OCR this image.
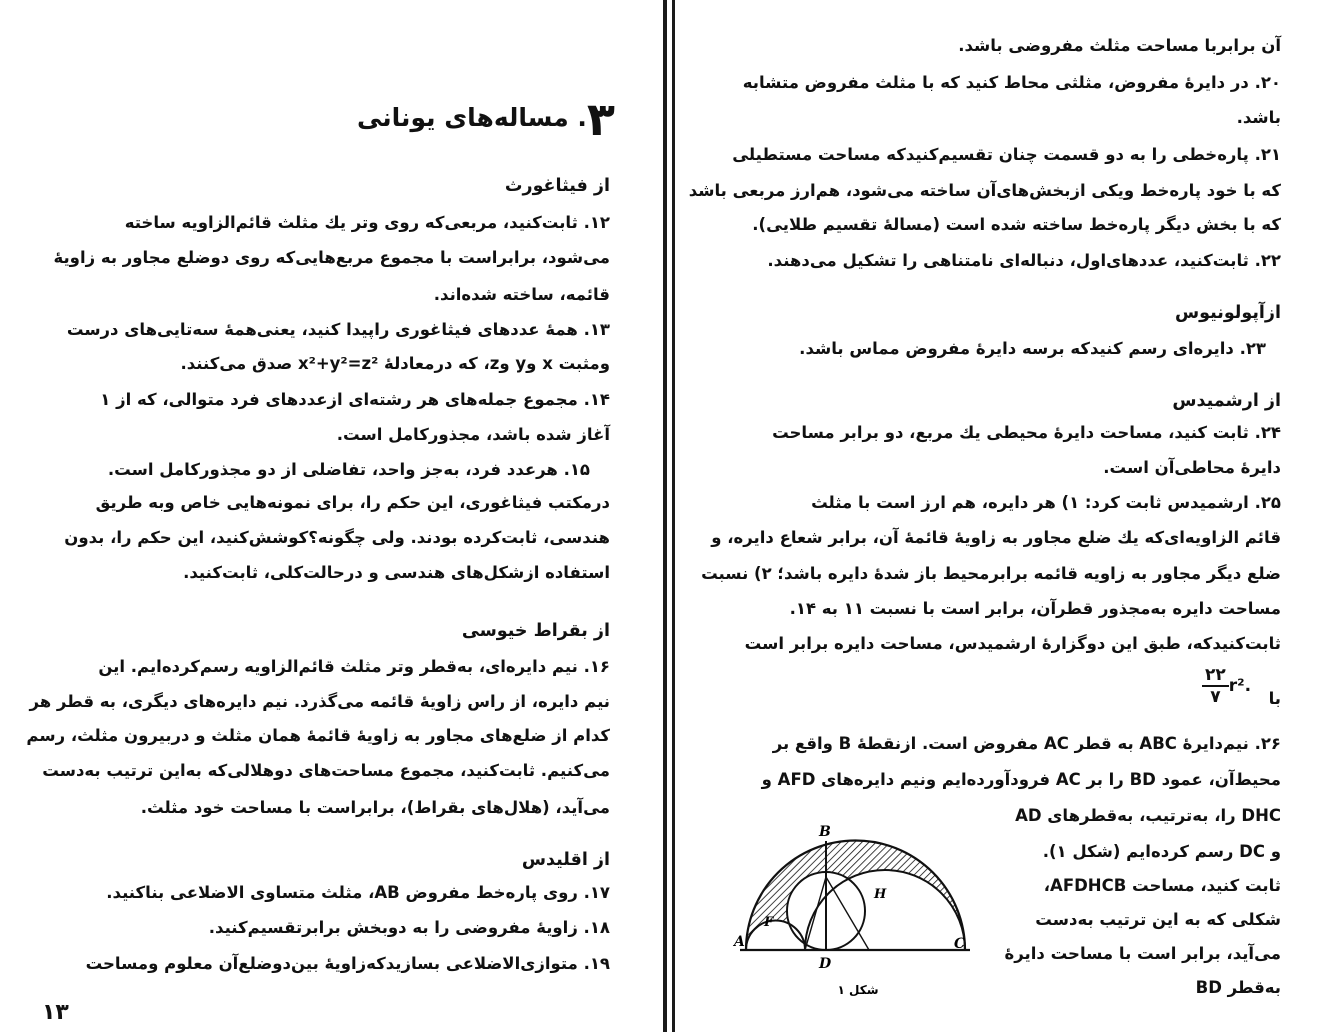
۳. مساله‌های یونانی
از فیثاغورث
۱۲. ثابت‌کنید، مربعی‌که روی وتر یك مثلث قائم‌الزاویه ساخته
می‌شود، برابراست با مجموع مربع‌هایی‌که روی دوضلع مجاور به زاویهٔ
قائمه، ساخته شده‌اند.
۱۳. همهٔ عددهای فیثاغوری راپیدا کنید، یعنی‌همهٔ سه‌تایی‌های درست
ومثبت x وy وz، که درمعادلهٔ x²+y²=z² صدق می‌کنند.
۱۴. مجموع جمله‌های هر رشته‌ای ازعددهای فرد متوالی، که از ۱
آغاز شده باشد، مجذورکامل است.
۱۵. هرعدد فرد، به‌جز واحد، تفاضلی از دو مجذورکامل است.
درمکتب فیثاغوری، این حکم را، برای نمونه‌هایی خاص وبه طریق
هندسی، ثابت‌کرده بودند. ولی چگونه؟کوشش‌کنید، این حکم را، بدون
استفاده ازشکل‌های هندسی و درحالت‌کلی، ثابت‌کنید.
از بقراط خیوسی
۱۶. نیم دایره‌ای، به‌قطر وتر مثلث قائم‌الزاویه رسم‌کرده‌ایم. این
نیم دایره، از راس زاویهٔ قائمه می‌گذرد. نیم دایره‌های دیگری، به قطر هر
کدام از ضلع‌های مجاور به زاویهٔ قائمهٔ همان مثلث و دربیرون مثلث، رسم
می‌کنیم. ثابت‌کنید، مجموع مساحت‌های دوهلالی‌که به‌این ترتیب به‌دست
می‌آید، (هلال‌های بقراط)، برابراست با مساحت خود مثلث.
از اقلیدس
۱۷. روی پاره‌خط مفروض AB، مثلث متساوی الاضلاعی بناکنید.
۱۸. زاویهٔ مفروضی را به دوبخش برابرتقسیم‌کنید.
۱۹. متوازی‌الاضلاعی بسازیدکه‌زاویهٔ بین‌دوضلع‌آن معلوم ومساحت
۱۳
آن برابربا مساحت مثلث مفروضی باشد.
۲۰. در دایرهٔ مفروض، مثلثی محاط کنید که با مثلث مفروض متشابه
باشد.
۲۱. پاره‌خطی را به دو قسمت چنان تقسیم‌کنیدکه مساحت مستطیلی
که با خود پاره‌خط ویکی ازبخش‌های‌آن ساخته می‌شود، هم‌ارز مربعی باشد
که با بخش دیگر پاره‌خط ساخته شده است (مسالهٔ تقسیم طلایی).
۲۲. ثابت‌کنید، عددهای‌اول، دنباله‌ای نامتناهی را تشکیل می‌دهند.
ازآپولونیوس
۲۳. دایره‌ای رسم کنیدکه برسه دایرهٔ مفروض مماس باشد.
از ارشمیدس
۲۴. ثابت کنید، مساحت دایرهٔ محیطی یك مربع، دو برابر مساحت
دایرهٔ محاطی‌آن است.
۲۵. ارشمیدس ثابت کرد: ۱) هر دایره، هم ارز است با مثلث
قائم الزاویه‌ای‌که یك ضلع مجاور به زاویهٔ قائمهٔ آن، برابر شعاع دایره، و
ضلع دیگر مجاور به زاویه قائمه برابرمحیط باز شدهٔ دایره باشد؛ ۲) نسبت
مساحت دایره به‌مجذور قطرآن، برابر است با نسبت ۱۱ به ۱۴.
ثابت‌کنیدکه، طبق این دوگزارهٔ ارشمیدس، مساحت دایره برابر است
با
۲۲
۷
r².
۲۶. نیم‌دایرهٔ ABC به قطر AC مفروض است. ازنقطهٔ B واقع بر
محیط‌آن، عمود BD را بر AC فرودآورده‌ایم ونیم دایره‌های AFD و
DHC را، به‌ترتیب، به‌قطرهای AD
و DC رسم کرده‌ایم (شکل ۱).
ثابت کنید، مساحت AFDHCB،
شکلی که به این ترتیب به‌دست
می‌آید، برابر است با مساحت دایرهٔ
به‌قطر BD
A
B
C
D
F
H
شکل ۱
